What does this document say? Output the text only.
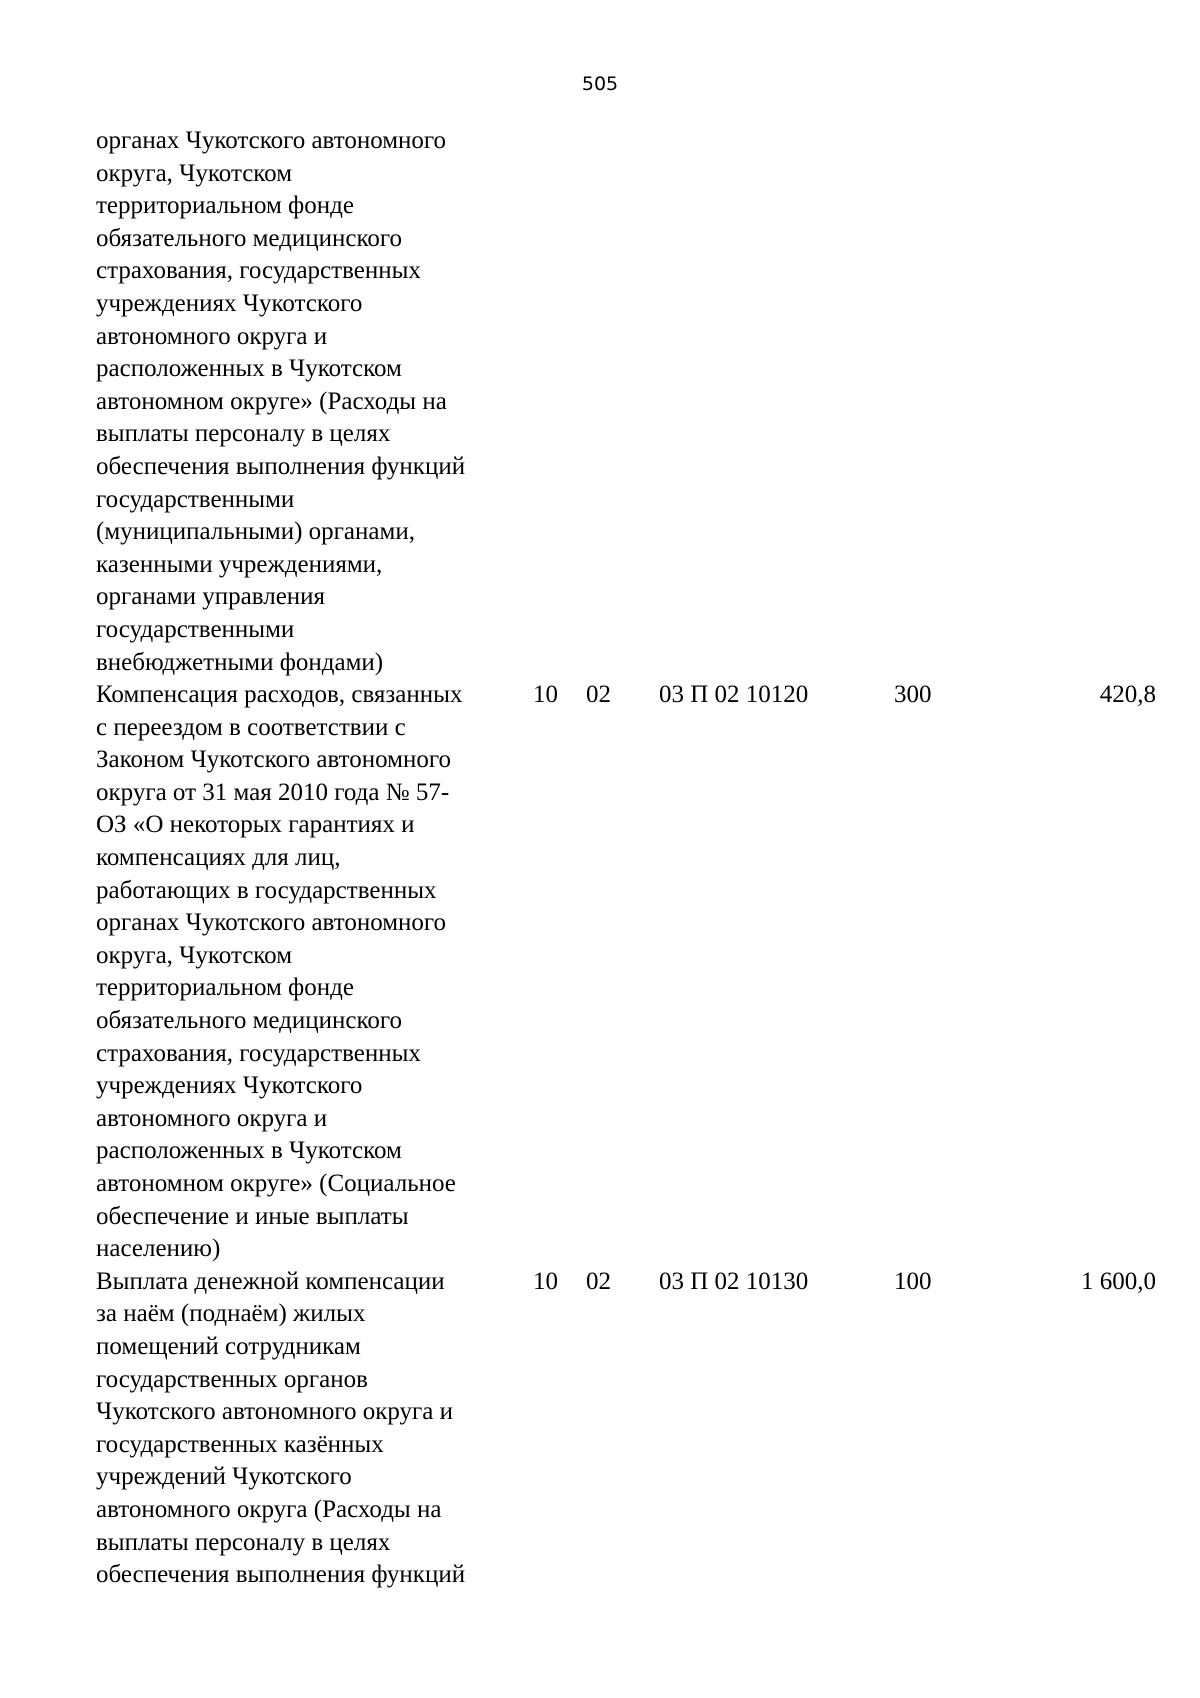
505
органах Чукотского автономного
округа, Чукотском
территориальном фонде
обязательного медицинского
страхования, государственных
учреждениях Чукотского
автономного округа и
расположенных в Чукотском
автономном округе» (Расходы на
выплаты персоналу в целях
обеспечения выполнения функций
государственными
(муниципальными) органами,
казенными учреждениями,
органами управления
государственными
внебюджетными фондами)
Компенсация расходов, связанных
с переездом в соответствии с
Законом Чукотского автономного
округа от 31 мая 2010 года № 57-
ОЗ «О некоторых гарантиях и
компенсациях для лиц,
работающих в государственных
органах Чукотского автономного
округа, Чукотском
территориальном фонде
обязательного медицинского
страхования, государственных
учреждениях Чукотского
автономного округа и
расположенных в Чукотском
автономном округе» (Социальное
обеспечение и иные выплаты
населению)
10	02	03 П 02 10120	300	420,8
Выплата денежной компенсации
за наём (поднаём) жилых
помещений сотрудникам
государственных органов
Чукотского автономного округа и
государственных казённых
учреждений Чукотского
автономного округа (Расходы на
выплаты персоналу в целях
обеспечения выполнения функций
10	02	03 П 02 10130	100	1 600,0
